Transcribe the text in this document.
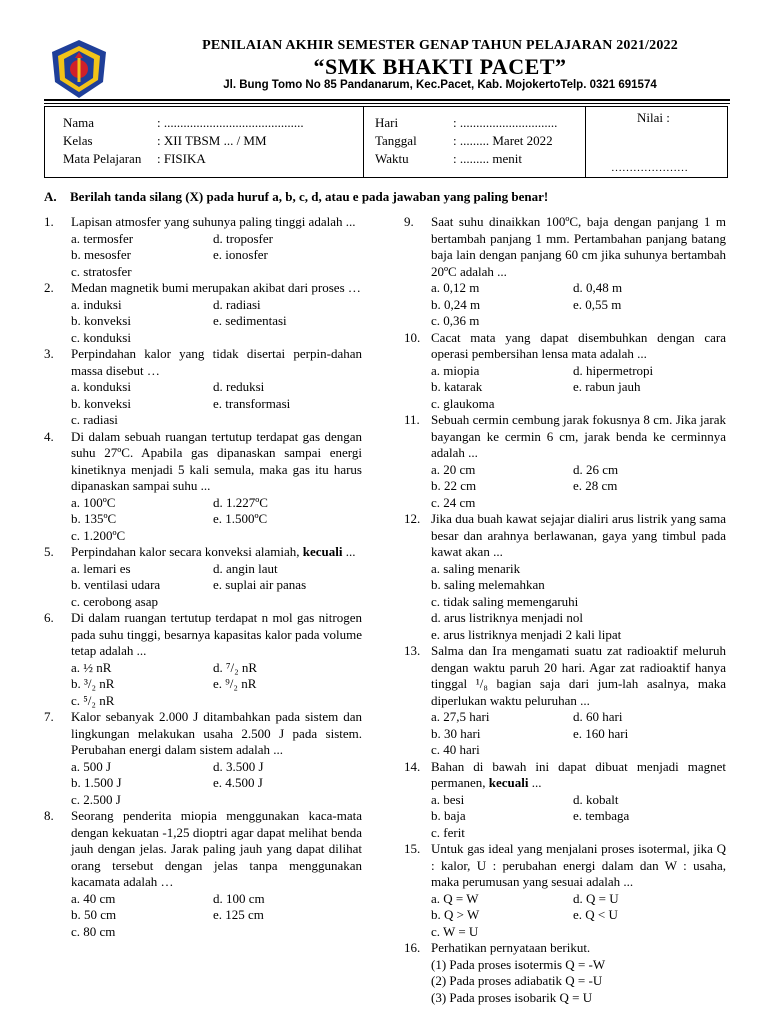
PENILAIAN AKHIR SEMESTER GENAP TAHUN PELAJARAN 2021/2022
“SMK BHAKTI PACET”
Jl. Bung Tomo No 85 Pandanarum, Kec.Pacet, Kab. MojokertoTelp. 0321 691574
Nama	: ...........................................
Kelas	: XII TBSM ... / MM
Mata Pelajaran : FISIKA
Hari	: ..............................
Tanggal	: ......... Maret 2022
Waktu	: ......... menit
Nilai :
…………………
A. Berilah tanda silang (X) pada huruf a, b, c, d, atau e pada jawaban yang paling benar!
1. Lapisan atmosfer yang suhunya paling tinggi adalah ...
a. termosfer	d. troposfer
b. mesosfer	e. ionosfer
c. stratosfer
2. Medan magnetik bumi merupakan akibat dari proses …
a. induksi	d. radiasi
b. konveksi	e. sedimentasi
c. konduksi
3. Perpindahan kalor yang tidak disertai perpin-dahan massa disebut …
a. konduksi	d. reduksi
b. konveksi	e. transformasi
c. radiasi
4. Di dalam sebuah ruangan tertutup terdapat gas dengan suhu 27ºC. Apabila gas dipanaskan sampai energi kinetiknya menjadi 5 kali semula, maka gas itu harus dipanaskan sampai suhu ...
a. 100ºC	d. 1.227ºC
b. 135ºC	e. 1.500ºC
c. 1.200ºC
5. Perpindahan kalor secara konveksi alamiah, kecuali ...
a. lemari es	d. angin laut
b. ventilasi udara	e. suplai air panas
c. cerobong asap
6. Di dalam ruangan tertutup terdapat n mol gas nitrogen pada suhu tinggi, besarnya kapasitas kalor pada volume tetap adalah ...
a. ½ nR	d. ⁷/₂ nR
b. ³/₂ nR	e. ⁹/₂ nR
c. ⁵/₂ nR
7. Kalor sebanyak 2.000 J ditambahkan pada sistem dan lingkungan melakukan usaha 2.500 J pada sistem. Perubahan energi dalam sistem adalah ...
a. 500 J	d. 3.500 J
b. 1.500 J	e. 4.500 J
c. 2.500 J
8. Seorang penderita miopia menggunakan kaca-mata dengan kekuatan -1,25 dioptri agar dapat melihat benda jauh dengan jelas. Jarak paling jauh yang dapat dilihat orang tersebut dengan jelas tanpa menggunakan kacamata adalah …
a. 40 cm	d. 100 cm
b. 50 cm	e. 125 cm
c. 80 cm
9. Saat suhu dinaikkan 100ºC, baja dengan panjang 1 m bertambah panjang 1 mm. Pertambahan panjang batang baja lain dengan panjang 60 cm jika suhunya bertambah 20ºC adalah ...
a. 0,12 m	d. 0,48 m
b. 0,24 m	e. 0,55 m
c. 0,36 m
10. Cacat mata yang dapat disembuhkan dengan cara operasi pembersihan lensa mata adalah ...
a. miopia	d. hipermetropi
b. katarak	e. rabun jauh
c. glaukoma
11. Sebuah cermin cembung jarak fokusnya 8 cm. Jika jarak bayangan ke cermin 6 cm, jarak benda ke cerminnya adalah ...
a. 20 cm	d. 26 cm
b. 22 cm	e. 28 cm
c. 24 cm
12. Jika dua buah kawat sejajar dialiri arus listrik yang sama besar dan arahnya berlawanan, gaya yang timbul pada kawat akan ...
a. saling menarik
b. saling melemahkan
c. tidak saling memengaruhi
d. arus listriknya menjadi nol
e. arus listriknya menjadi 2 kali lipat
13. Salma dan Ira mengamati suatu zat radioaktif meluruh dengan waktu paruh 20 hari. Agar zat radioaktif hanya tinggal ¹/₈ bagian saja dari jum-lah asalnya, maka diperlukan waktu peluruhan ...
a. 27,5 hari	d. 60 hari
b. 30 hari	e. 160 hari
c. 40 hari
14. Bahan di bawah ini dapat dibuat menjadi magnet permanen, kecuali ...
a. besi	d. kobalt
b. baja	e. tembaga
c. ferit
15. Untuk gas ideal yang menjalani proses isotermal, jika Q : kalor, U : perubahan energi dalam dan W : usaha, maka perumusan yang sesuai adalah ...
a. Q = W	d. Q = U
b. Q > W	e. Q < U
c. W = U
16. Perhatikan pernyataan berikut.
(1) Pada proses isotermis Q = -W
(2) Pada proses adiabatik Q = -U
(3) Pada proses isobarik Q = U
